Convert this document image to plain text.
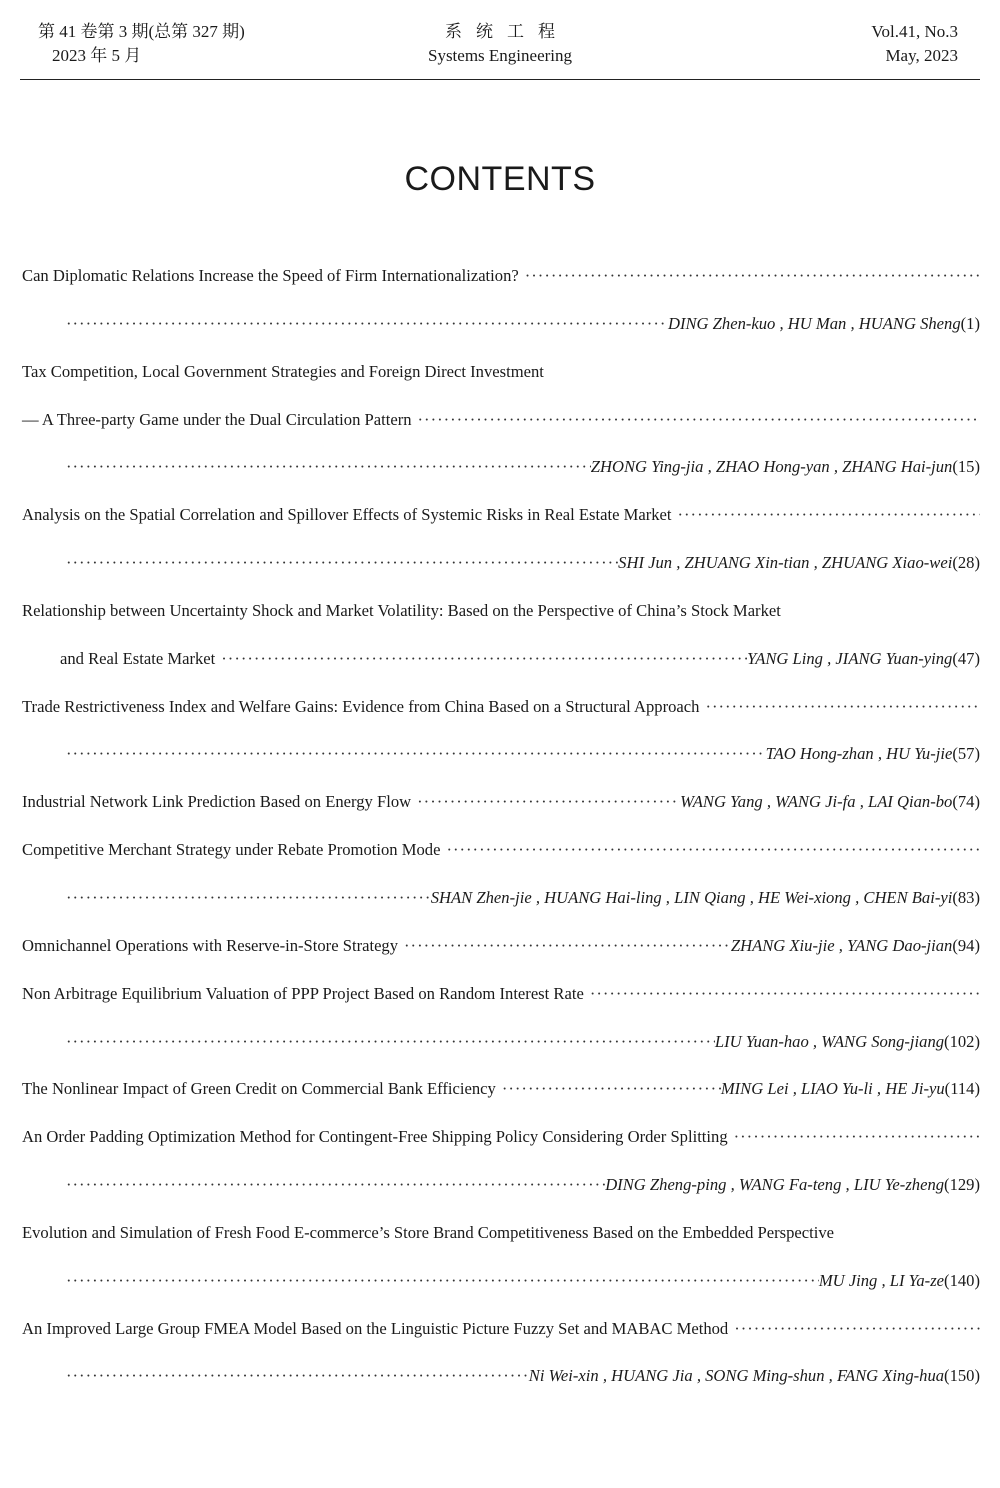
第 41 卷第 3 期(总第 327 期)
2023 年 5 月
系统工程
Systems Engineering
Vol.41, No.3
May, 2023
CONTENTS
Can Diplomatic Relations Increase the Speed of Firm Internationalization?
·····
·····
DING Zhen-kuo , HU Man , HUANG Sheng (1)
Tax Competition, Local Government Strategies and Foreign Direct Investment
— A Three-party Game under the Dual Circulation Pattern
·····
·····
ZHONG Ying-jia , ZHAO Hong-yan , ZHANG Hai-jun (15)
Analysis on the Spatial Correlation and Spillover Effects of Systemic Risks in Real Estate Market
·····
·····
SHI Jun , ZHUANG Xin-tian , ZHUANG Xiao-wei (28)
Relationship between Uncertainty Shock and Market Volatility: Based on the Perspective of China’s Stock Market
and Real Estate Market ·····	YANG Ling , JIANG Yuan-ying (47)
Trade Restrictiveness Index and Welfare Gains: Evidence from China Based on a Structural Approach
·····
·····
TAO Hong-zhan , HU Yu-jie (57)
Industrial Network Link Prediction Based on Energy Flow ·····	WANG Yang , WANG Ji-fa , LAI Qian-bo (74)
Competitive Merchant Strategy under Rebate Promotion Mode
·····
·····
SHAN Zhen-jie , HUANG Hai-ling , LIN Qiang , HE Wei-xiong , CHEN Bai-yi (83)
Omnichannel Operations with Reserve-in-Store Strategy ·····	ZHANG Xiu-jie , YANG Dao-jian (94)
Non Arbitrage Equilibrium Valuation of PPP Project Based on Random Interest Rate
·····
·····
LIU Yuan-hao , WANG Song-jiang (102)
The Nonlinear Impact of Green Credit on Commercial Bank Efficiency ·····	MING Lei , LIAO Yu-li , HE Ji-yu (114)
An Order Padding Optimization Method for Contingent-Free Shipping Policy Considering Order Splitting
·····
·····
DING Zheng-ping , WANG Fa-teng , LIU Ye-zheng (129)
Evolution and Simulation of Fresh Food E-commerce’s Store Brand Competitiveness Based on the Embedded Perspective
·····
MU Jing , LI Ya-ze (140)
An Improved Large Group FMEA Model Based on the Linguistic Picture Fuzzy Set and MABAC Method
·····
·····
Ni Wei-xin , HUANG Jia , SONG Ming-shun , FANG Xing-hua (150)
